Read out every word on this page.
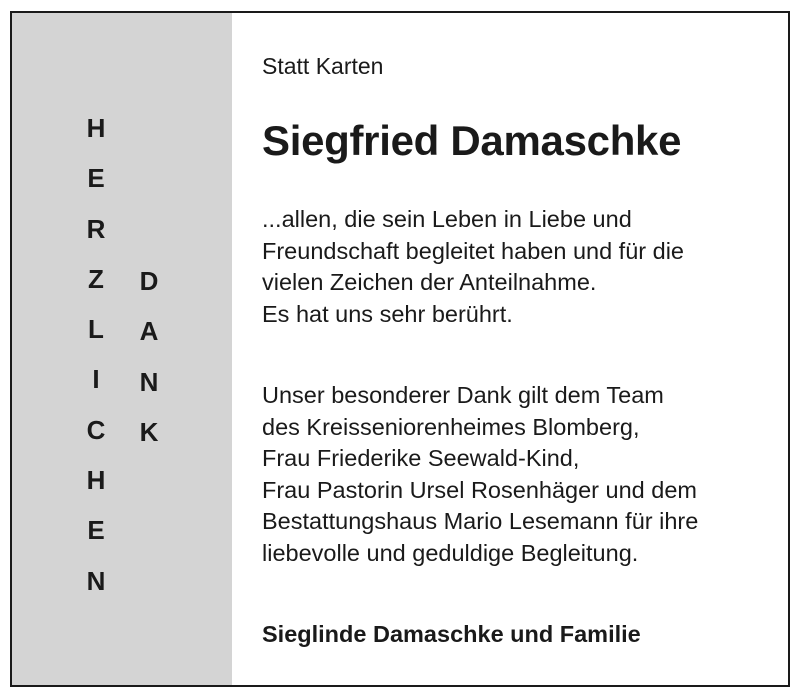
H
E
R
Z
L
I
C
H
E
N
D
A
N
K
Statt Karten
Siegfried Damaschke

...allen, die sein Leben in Liebe und
Freundschaft begleitet haben und für die
vielen Zeichen der Anteilnahme.
Es hat uns sehr berührt.

Unser besonderer Dank gilt dem Team
des Kreisseniorenheimes Blomberg,
Frau Friederike Seewald-Kind,
Frau Pastorin Ursel Rosenhäger und dem
Bestattungshaus Mario Lesemann für ihre
liebevolle und geduldige Begleitung.

Sieglinde Damaschke und Familie
